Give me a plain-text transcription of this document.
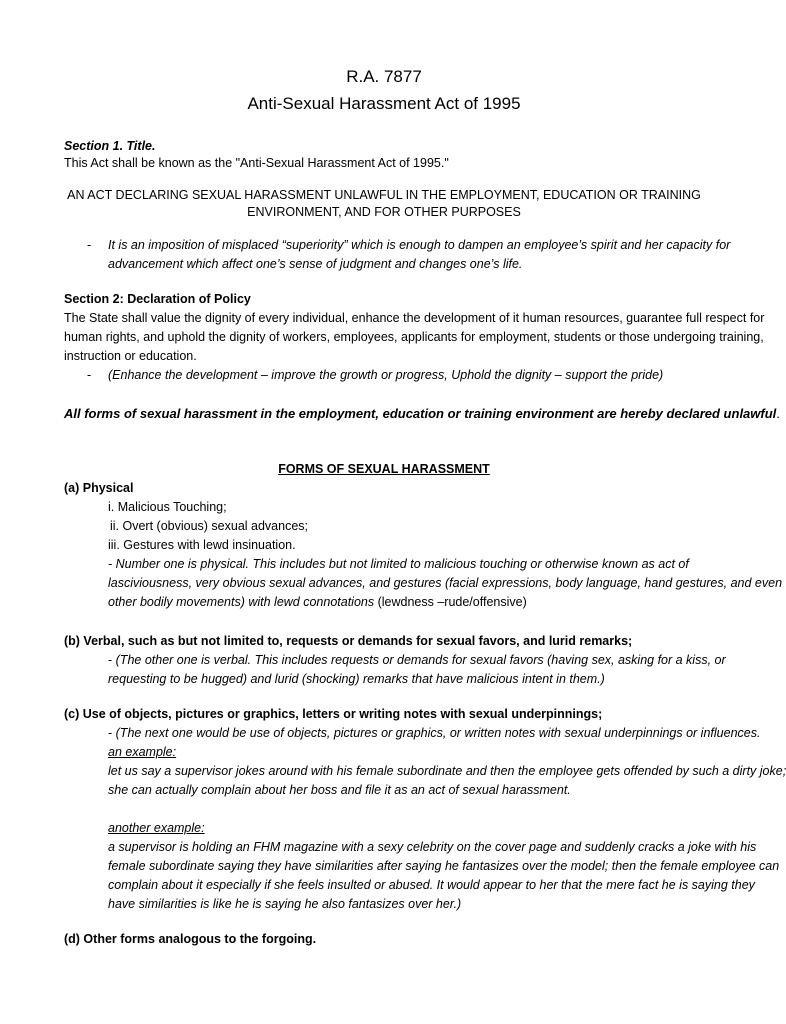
R.A. 7877
Anti-Sexual Harassment Act of 1995
Section 1. Title.
This Act shall be known as the "Anti-Sexual Harassment Act of 1995."
AN ACT DECLARING SEXUAL HARASSMENT UNLAWFUL IN THE EMPLOYMENT, EDUCATION OR TRAINING
ENVIRONMENT, AND FOR OTHER PURPOSES
- It is an imposition of misplaced “superiority” which is enough to dampen an employee’s spirit and her capacity for
advancement which affect one’s sense of judgment and changes one’s life.
Section 2: Declaration of Policy
The State shall value the dignity of every individual, enhance the development of it human resources, guarantee full respect for
human rights, and uphold the dignity of workers, employees, applicants for employment, students or those undergoing training,
instruction or education.
- (Enhance the development – improve the growth or progress, Uphold the dignity – support the pride)
All forms of sexual harassment in the employment, education or training environment are hereby declared unlawful.
FORMS OF SEXUAL HARASSMENT
(a) Physical
i. Malicious Touching;
ii. Overt (obvious) sexual advances;
iii. Gestures with lewd insinuation.
- Number one is physical. This includes but not limited to malicious touching or otherwise known as act of
lasciviousness, very obvious sexual advances, and gestures (facial expressions, body language, hand gestures, and even
other bodily movements) with lewd connotations (lewdness –rude/offensive)
(b) Verbal, such as but not limited to, requests or demands for sexual favors, and lurid remarks;
- (The other one is verbal. This includes requests or demands for sexual favors (having sex, asking for a kiss, or
requesting to be hugged) and lurid (shocking) remarks that have malicious intent in them.)
(c) Use of objects, pictures or graphics, letters or writing notes with sexual underpinnings;
- (The next one would be use of objects, pictures or graphics, or written notes with sexual underpinnings or influences.
an example:
let us say a supervisor jokes around with his female subordinate and then the employee gets offended by such a dirty joke;
she can actually complain about her boss and file it as an act of sexual harassment.
another example:
a supervisor is holding an FHM magazine with a sexy celebrity on the cover page and suddenly cracks a joke with his
female subordinate saying they have similarities after saying he fantasizes over the model; then the female employee can
complain about it especially if she feels insulted or abused. It would appear to her that the mere fact he is saying they
have similarities is like he is saying he also fantasizes over her.)
(d) Other forms analogous to the forgoing.
